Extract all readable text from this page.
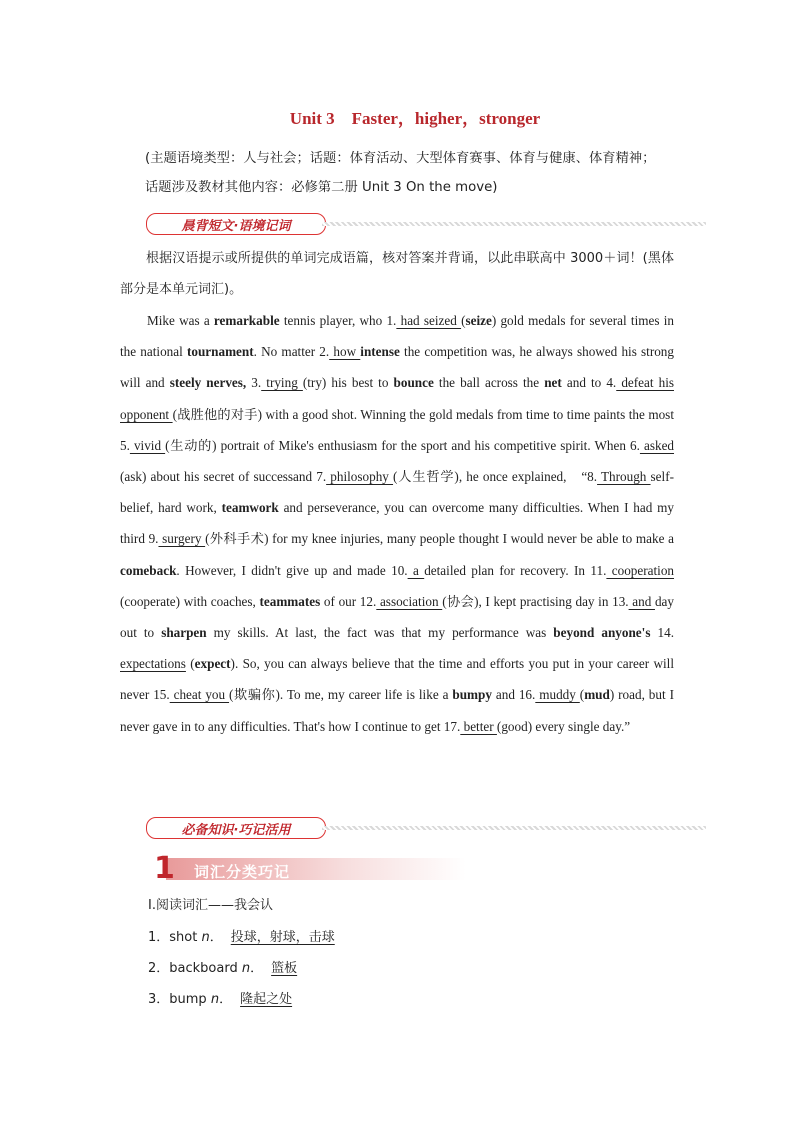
Unit 3　Faster，higher，stronger
(主题语境类型：人与社会；话题：体育活动、大型体育赛事、体育与健康、体育精神；
话题涉及教材其他内容：必修第二册 Unit 3 On the move)
晨背短文·语境记词
根据汉语提示或所提供的单词完成语篇，核对答案并背诵，以此串联高中 3000＋词！(黑体部分是本单元词汇)。
Mike was a remarkable tennis player, who 1. had seized (seize) gold medals for several times in the national tournament. No matter 2. how intense the competition was, he always showed his strong will and steely nerves, 3. trying (try) his best to bounce the ball across the net and to 4. defeat his opponent (战胜他的对手) with a good shot. Winning the gold medals from time to time paints the most 5. vivid (生动的) portrait of Mike's enthusiasm for the sport and his competitive spirit. When 6. asked (ask) about his secret of successand 7. philosophy (人生哲学), he once explained,　“8. Through self-belief, hard work, teamwork and perseverance, you can overcome many difficulties. When I had my third 9. surgery (外科手术) for my knee injuries, many people thought I would never be able to make a comeback. However, I didn't give up and made 10. a detailed plan for recovery. In 11. cooperation (cooperate) with coaches, teammates of our 12. association (协会), I kept practising day in 13. and day out to sharpen my skills. At last, the fact was that my performance was beyond anyone's 14. expectations (expect). So, you can always believe that the time and efforts you put in your career will never 15. cheat you (欺骗你). To me, my career life is like a bumpy and 16. muddy (mud) road, but I never gave in to any difficulties. That's how I continue to get 17. better (good) every single day.”
必备知识·巧记活用
1 词汇分类巧记
Ⅰ.阅读词汇——我会认
1．shot n． 投球，射球，击球
2．backboard n． 篮板
3．bump n． 隆起之处
